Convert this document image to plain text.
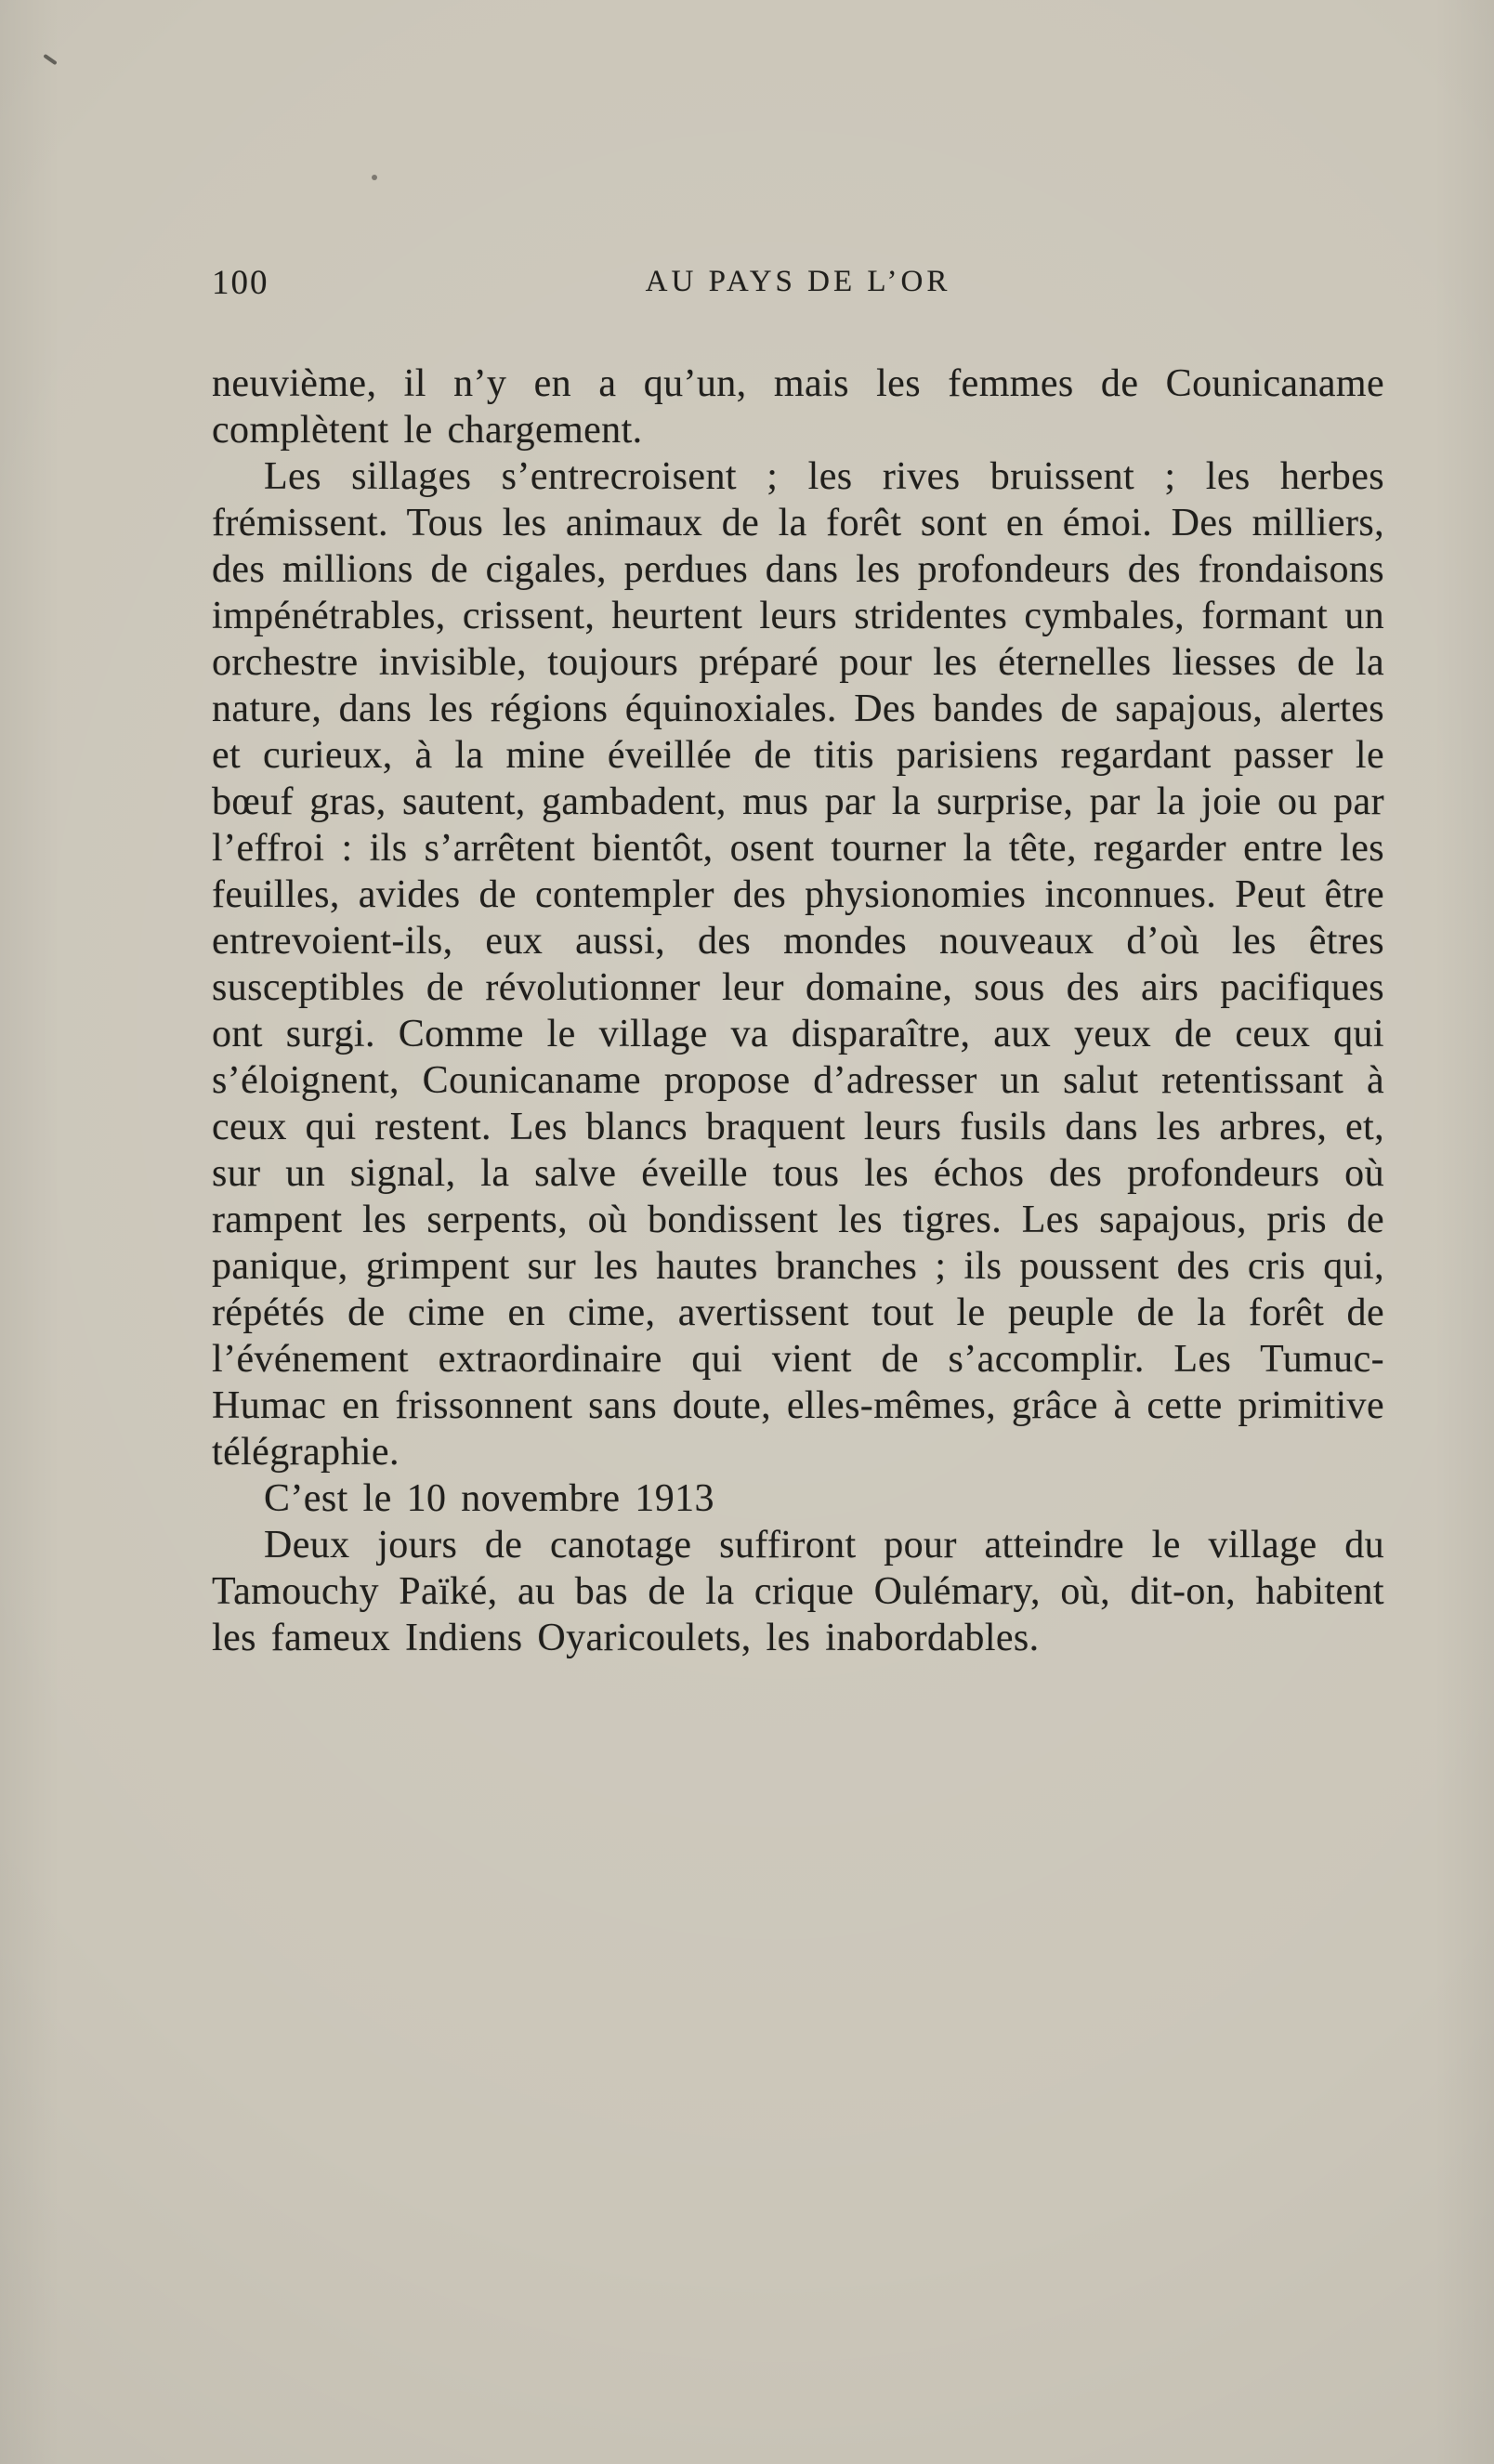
100	AU PAYS DE L’OR

neuvième, il n’y en a qu’un, mais les femmes de Counicaname complètent le chargement.

Les sillages s’entrecroisent ; les rives bruissent ; les herbes frémissent. Tous les animaux de la forêt sont en émoi. Des milliers, des millions de cigales, perdues dans les profondeurs des frondaisons impénétrables, crissent, heurtent leurs stridentes cymbales, formant un orchestre invisible, toujours préparé pour les éternelles liesses de la nature, dans les régions équinoxiales. Des bandes de sapajous, alertes et curieux, à la mine éveillée de titis parisiens regardant passer le bœuf gras, sautent, gambadent, mus par la surprise, par la joie ou par l’effroi : ils s’arrêtent bientôt, osent tourner la tête, regarder entre les feuilles, avides de contempler des physionomies inconnues. Peut être entrevoient-ils, eux aussi, des mondes nouveaux d’où les êtres susceptibles de révolutionner leur domaine, sous des airs pacifiques ont surgi. Comme le village va disparaître, aux yeux de ceux qui s’éloignent, Counicaname propose d’adresser un salut retentissant à ceux qui restent. Les blancs braquent leurs fusils dans les arbres, et, sur un signal, la salve éveille tous les échos des profondeurs où rampent les serpents, où bondissent les tigres. Les sapajous, pris de panique, grimpent sur les hautes branches ; ils poussent des cris qui, répétés de cime en cime, avertissent tout le peuple de la forêt de l’événement extraordinaire qui vient de s’accomplir. Les Tumuc-Humac en frissonnent sans doute, elles-mêmes, grâce à cette primitive télégraphie.

C’est le 10 novembre 1913

Deux jours de canotage suffiront pour atteindre le village du Tamouchy Païké, au bas de la crique Oulémary, où, dit-on, habitent les fameux Indiens Oyaricoulets, les inabordables.
